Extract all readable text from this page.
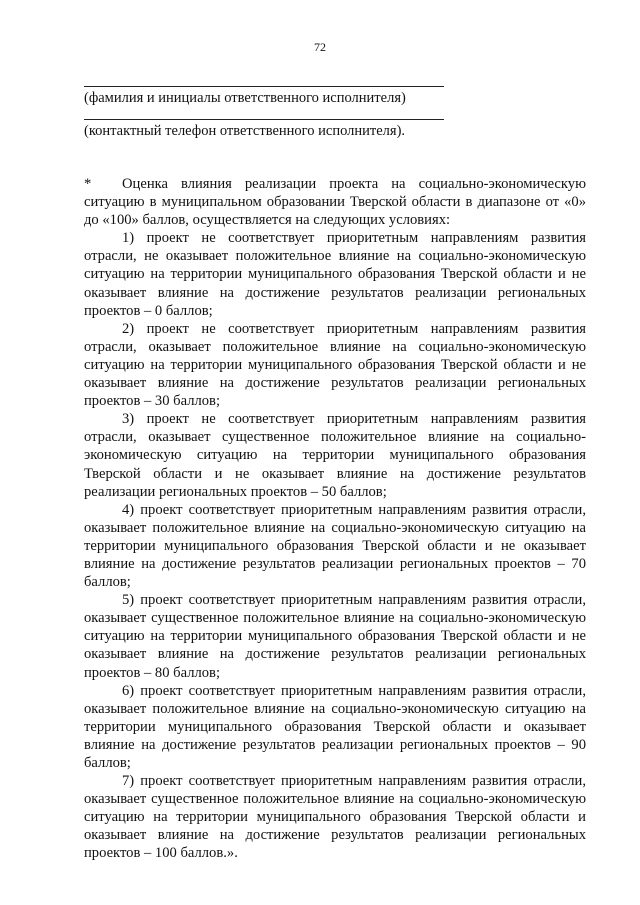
72
(фамилия и инициалы ответственного исполнителя)
(контактный телефон ответственного исполнителя).
*	Оценка влияния реализации проекта на социально-экономическую ситуацию в муниципальном образовании Тверской области в диапазоне от «0» до «100» баллов, осуществляется на следующих условиях:

1) проект не соответствует приоритетным направлениям развития отрасли, не оказывает положительное влияние на социально-экономическую ситуацию на территории муниципального образования Тверской области и не оказывает влияние на достижение результатов реализации региональных проектов – 0 баллов;

2) проект не соответствует приоритетным направлениям развития отрасли, оказывает положительное влияние на социально-экономическую ситуацию на территории муниципального образования Тверской области и не оказывает влияние на достижение результатов реализации региональных проектов – 30 баллов;

3) проект не соответствует приоритетным направлениям развития отрасли, оказывает существенное положительное влияние на социально-экономическую ситуацию на территории муниципального образования Тверской области и не оказывает влияние на достижение результатов реализации региональных проектов – 50 баллов;

4) проект соответствует приоритетным направлениям развития отрасли, оказывает положительное влияние на социально-экономическую ситуацию на территории муниципального образования Тверской области и не оказывает влияние на достижение результатов реализации региональных проектов – 70 баллов;

5) проект соответствует приоритетным направлениям развития отрасли, оказывает существенное положительное влияние на социально-экономическую ситуацию на территории муниципального образования Тверской области и не оказывает влияние на достижение результатов реализации региональных проектов – 80 баллов;

6) проект соответствует приоритетным направлениям развития отрасли, оказывает положительное влияние на социально-экономическую ситуацию на территории муниципального образования Тверской области и оказывает влияние на достижение результатов реализации региональных проектов – 90 баллов;

7) проект соответствует приоритетным направлениям развития отрасли, оказывает существенное положительное влияние на социально-экономическую ситуацию на территории муниципального образования Тверской области и оказывает влияние на достижение результатов реализации региональных проектов – 100 баллов.».
